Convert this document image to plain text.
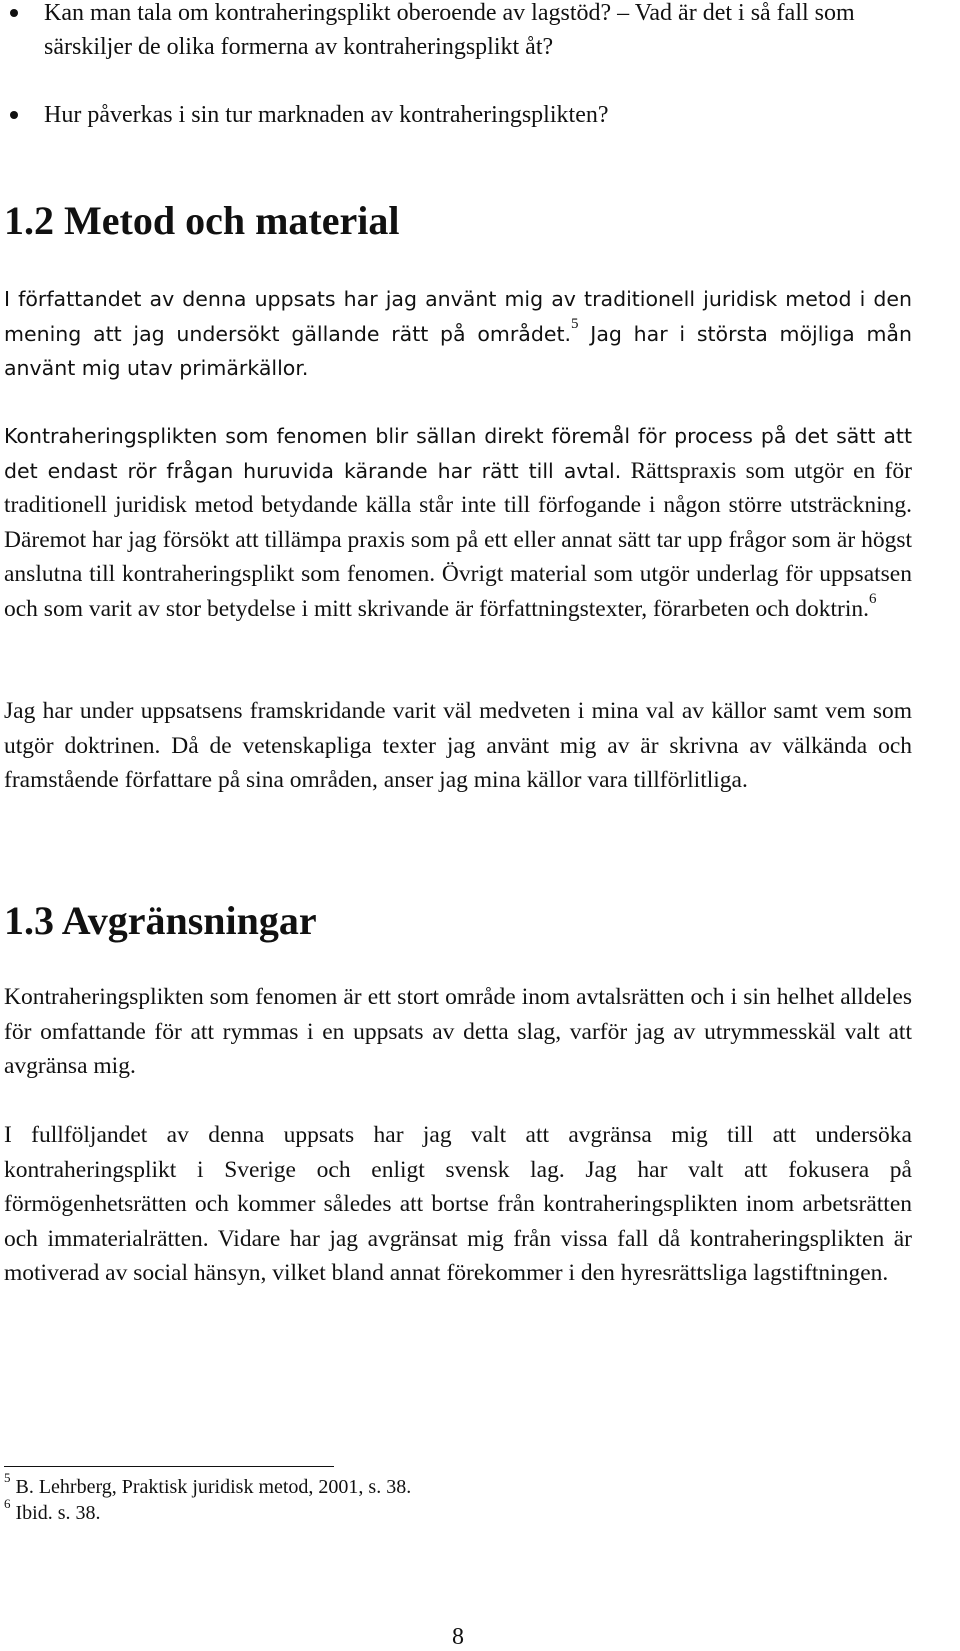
Kan man tala om kontraheringsplikt oberoende av lagstöd? – Vad är det i så fall som särskiljer de olika formerna av kontraheringsplikt åt?
Hur påverkas i sin tur marknaden av kontraheringsplikten?
1.2 Metod och material

I författandet av denna uppsats har jag använt mig av traditionell juridisk metod i den mening att jag undersökt gällande rätt på området.$^5$ Jag har i största möjliga mån använt mig utav primärkällor.

Kontraheringsplikten som fenomen blir sällan direkt föremål för process på det sätt att det endast rör frågan huruvida kärande har rätt till avtal. Rättspraxis som utgör en för traditionell juridisk metod betydande källa står inte till förfogande i någon större utsträckning. Däremot har jag försökt att tillämpa praxis som på ett eller annat sätt tar upp frågor som är högst anslutna till kontraheringsplikt som fenomen. Övrigt material som utgör underlag för uppsatsen och som varit av stor betydelse i mitt skrivande är författningstexter, förarbeten och doktrin.$^6$

Jag har under uppsatsens framskridande varit väl medveten i mina val av källor samt vem som utgör doktrinen. Då de vetenskapliga texter jag använt mig av är skrivna av välkända och framstående författare på sina områden, anser jag mina källor vara tillförlitliga.

1.3 Avgränsningar

Kontraheringsplikten som fenomen är ett stort område inom avtalsrätten och i sin helhet alldeles för omfattande för att rymmas i en uppsats av detta slag, varför jag av utrymmesskäl valt att avgränsa mig.

I fullföljandet av denna uppsats har jag valt att avgränsa mig till att undersöka kontraheringsplikt i Sverige och enligt svensk lag. Jag har valt att fokusera på förmögenhetsrätten och kommer således att bortse från kontraheringsplikten inom arbetsrätten och immaterialrätten. Vidare har jag avgränsat mig från vissa fall då kontraheringsplikten är motiverad av social hänsyn, vilket bland annat förekommer i den hyresrättsliga lagstiftningen.

$^5$ B. Lehrberg, Praktisk juridisk metod, 2001, s. 38.
$^6$ Ibid. s. 38.
8
